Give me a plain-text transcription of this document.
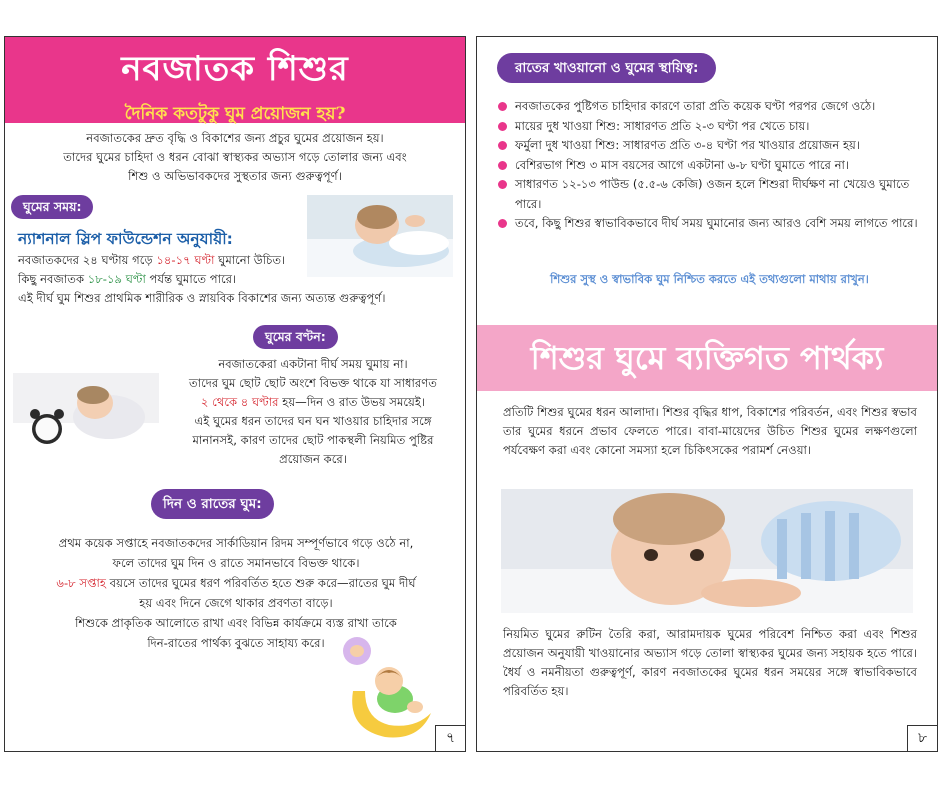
নবজাতক শিশুর
দৈনিক কতটুকু ঘুম প্রয়োজন হয়?
নবজাতকের দ্রুত বৃদ্ধি ও বিকাশের জন্য প্রচুর ঘুমের প্রয়োজন হয়।
তাদের ঘুমের চাহিদা ও ধরন বোঝা স্বাস্থ্যকর অভ্যাস গড়ে তোলার জন্য এবং
শিশু ও অভিভাবকদের সুস্থতার জন্য গুরুত্বপূর্ণ।
ঘুমের সময়:
ন্যাশনাল স্লিপ ফাউন্ডেশন অনুযায়ী:
নবজাতকদের ২৪ ঘণ্টায় গড়ে ১৪-১৭ ঘণ্টা ঘুমানো উচিত।
কিছু নবজাতক ১৮-১৯ ঘণ্টা পর্যন্ত ঘুমাতে পারে।
এই দীর্ঘ ঘুম শিশুর প্রাথমিক শারীরিক ও স্নায়বিক বিকাশের জন্য অত্যন্ত গুরুত্বপূর্ণ।
ঘুমের বণ্টন:
নবজাতকেরা একটানা দীর্ঘ সময় ঘুমায় না।
তাদের ঘুম ছোট ছোট অংশে বিভক্ত থাকে যা সাধারণত
২ থেকে ৪ ঘণ্টার হয়—দিন ও রাত উভয় সময়েই।
এই ঘুমের ধরন তাদের ঘন ঘন খাওয়ার চাহিদার সঙ্গে
মানানসই, কারণ তাদের ছোট পাকস্থলী নিয়মিত পুষ্টির
প্রয়োজন করে।
দিন ও রাতের ঘুম:
প্রথম কয়েক সপ্তাহে নবজাতকদের সার্কাডিয়ান রিদম সম্পূর্ণভাবে গড়ে ওঠে না,
ফলে তাদের ঘুম দিন ও রাতে সমানভাবে বিভক্ত থাকে।
৬-৮ সপ্তাহ বয়সে তাদের ঘুমের ধরণ পরিবর্তিত হতে শুরু করে—রাতের ঘুম দীর্ঘ
হয় এবং দিনে জেগে থাকার প্রবণতা বাড়ে।
শিশুকে প্রাকৃতিক আলোতে রাখা এবং বিভিন্ন কার্যক্রমে ব্যস্ত রাখা তাকে
দিন-রাতের পার্থক্য বুঝতে সাহায্য করে।
৭
রাতের খাওয়ানো ও ঘুমের স্থায়িত্ব:
নবজাতকের পুষ্টিগত চাহিদার কারণে তারা প্রতি কয়েক ঘণ্টা পরপর জেগে ওঠে।
মায়ের দুধ খাওয়া শিশু: সাধারণত প্রতি ২-৩ ঘণ্টা পর খেতে চায়।
ফর্মুলা দুধ খাওয়া শিশু: সাধারণত প্রতি ৩-৪ ঘণ্টা পর খাওয়ার প্রয়োজন হয়।
বেশিরভাগ শিশু ৩ মাস বয়সের আগে একটানা ৬-৮ ঘণ্টা ঘুমাতে পারে না।
সাধারণত ১২-১৩ পাউন্ড (৫.৫-৬ কেজি) ওজন হলে শিশুরা দীর্ঘক্ষণ না খেয়েও ঘুমাতে পারে।
তবে, কিছু শিশুর স্বাভাবিকভাবে দীর্ঘ সময় ঘুমানোর জন্য আরও বেশি সময় লাগতে পারে।
শিশুর সুস্থ ও স্বাভাবিক ঘুম নিশ্চিত করতে এই তথ্যগুলো মাথায় রাখুন।
শিশুর ঘুমে ব্যক্তিগত পার্থক্য
প্রতিটি শিশুর ঘুমের ধরন আলাদা। শিশুর বৃদ্ধির ধাপ, বিকাশের পরিবর্তন, এবং শিশুর স্বভাব তার ঘুমের ধরনে প্রভাব ফেলতে পারে। বাবা-মায়েদের উচিত শিশুর ঘুমের লক্ষণগুলো পর্যবেক্ষণ করা এবং কোনো সমস্যা হলে চিকিৎসকের পরামর্শ নেওয়া।
নিয়মিত ঘুমের রুটিন তৈরি করা, আরামদায়ক ঘুমের পরিবেশ নিশ্চিত করা এবং শিশুর প্রয়োজন অনুযায়ী খাওয়ানোর অভ্যাস গড়ে তোলা স্বাস্থ্যকর ঘুমের জন্য সহায়ক হতে পারে। ধৈর্য ও নমনীয়তা গুরুত্বপূর্ণ, কারণ নবজাতকের ঘুমের ধরন সময়ের সঙ্গে স্বাভাবিকভাবে পরিবর্তিত হয়।
৮
